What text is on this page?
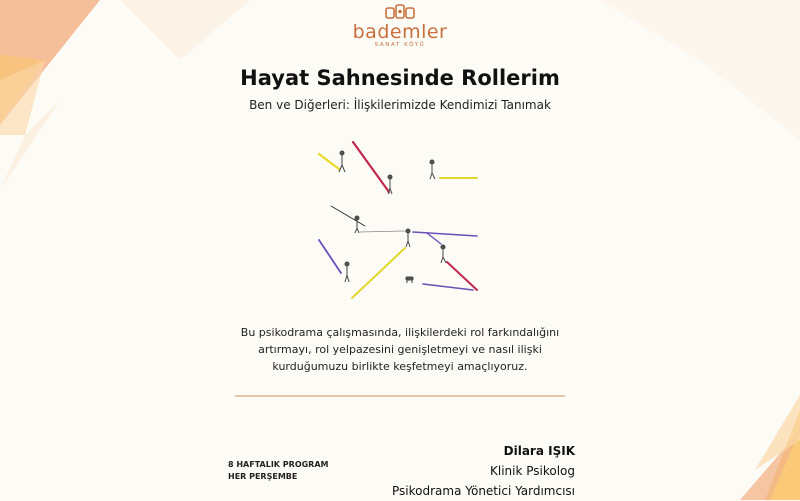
bademler
SANAT KÖYÜ
Hayat Sahnesinde Rollerim
Ben ve Diğerleri: İlişkilerimizde Kendimizi Tanımak
Bu psikodrama çalışmasında, ilişkilerdeki rol farkındalığını
artırmayı, rol yelpazesini genişletmeyi ve nasıl ilişki
kurduğumuzu birlikte keşfetmeyi amaçlıyoruz.
8 HAFTALIK PROGRAM
HER PERŞEMBE
Dilara IŞIK
Klinik Psikolog
Psikodrama Yönetici Yardımcısı
